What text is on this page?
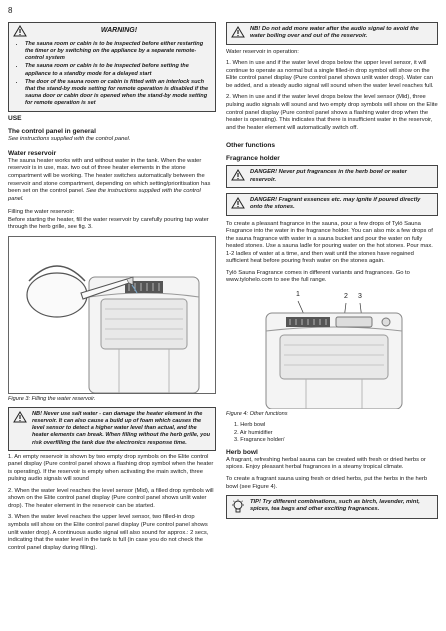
8
WARNING!
• The sauna room or cabin is to be inspected before either restarting the timer or by switching on the appliance by a separate remote-control system
• The sauna room or cabin is to be inspected before setting the appliance to a standby mode for a delayed start
• The door of the sauna room or cabin is fitted with an interlock such that the stand-by mode setting for remote operation is disabled if the sauna door or cabin door is opened when the stand-by mode setting for remote operation is set
USE
The control panel in general

See instructions supplied with the control panel.

Water reservoir

The sauna heater works with and without water in the tank. When the water reservoir is in use, max. two out of three heater elements in the stone compartment will be working. The heater switches automatically between the reservoir and stone compartment, depending on which setting/prioritisation has been set on the control panel. See the instructions supplied with the control panel.

Filling the water reservoir:

Before starting the heater, fill the water reservoir by carefully pouring tap water through the herb grille, see fig. 3.

Figure 3: Filling the water reservoir.
NB! Never use salt water - can damage the heater element in the reservoir. It can also cause a build up of foam which causes the level sensor to detect a higher water level than actual, and the heater elements can break. When filling without the herb grille, you risk overfilling the tank due the electronics response time.

1. An empty reservoir is shown by two empty drop symbols on the Elite control panel display (Pure control panel shows a flashing drop symbol when the heater is operating). If the reservoir is empty when activating the main switch, three pulsing audio signals will sound

2. When the water level reaches the level sensor (Mid), a filled drop symbols will shown on the Elite control panel display (Pure control panel shows unlit water drop). The heater element in the reservoir can be started.

3. When the water level reaches the upper level sensor, two filled-in drop symbols will show on the Elite control panel display (Pure control panel shows unlit water drop). A continuous audio signal will also sound for approx.: 2 secs, indicating that the water level in the tank is full (in case you do not check the control panel display during filling).

NB! Do not add more water after the audio signal to avoid the water boiling over and out of the reservoir.

Water reservoir in operation:

1. When in use and if the water level drops below the upper level sensor, it will continue to operate as normal but a single filled-in drop symbol will show on the Elite control panel display (Pure control panel shows unlit water drop). Water can be added, and a steady audio signal will sound when the water level reaches full.

2. When in use and if the water level drops below the level sensor (Mid), three pulsing audio signals will sound and two empty drop symbols will show on the Elite control panel display (Pure control panel shows a flashing water drop when the heater is operating). This indicates that there is insufficient water in the reservoir, and the heater element will automatically switch off.

Other functions
Fragrance holder
DANGER! Never put fragrances in the herb bowl or water reservoir.
DANGER! Fragrant essences etc. may ignite if poured directly onto the stones.

To create a pleasant fragrance in the sauna, pour a few drops of Tylö Sauna Fragrance into the water in the fragrance holder. You can also mix a few drops of the sauna fragrance with water in a sauna bucket and pour the water on fully heated stones. Use a sauna ladle for pouring water on the hot stones. Pour max. 1-2 ladles of water at a time, and then wait until the stones have regained sufficient heat before pouring fresh water on the stones again.

Tylö Sauna Fragrance comes in different variants and fragrances. Go to www.tylohelo.com to see the full range.

1	2 3
Figure 4: Other functions
1. Herb bowl
2. Air humidifier
3. Fragrance holder/
Herb bowl

A fragrant, refreshing herbal sauna can be created with fresh or dried herbs or spices. Enjoy pleasant herbal fragrances in a steamy tropical climate.

To create a fragrant sauna using fresh or dried herbs, put the herbs in the herb bowl (see Figure 4).

TIP! Try different combinations, such as birch, lavender, mint, spices, tea bags and other exciting fragrances.
